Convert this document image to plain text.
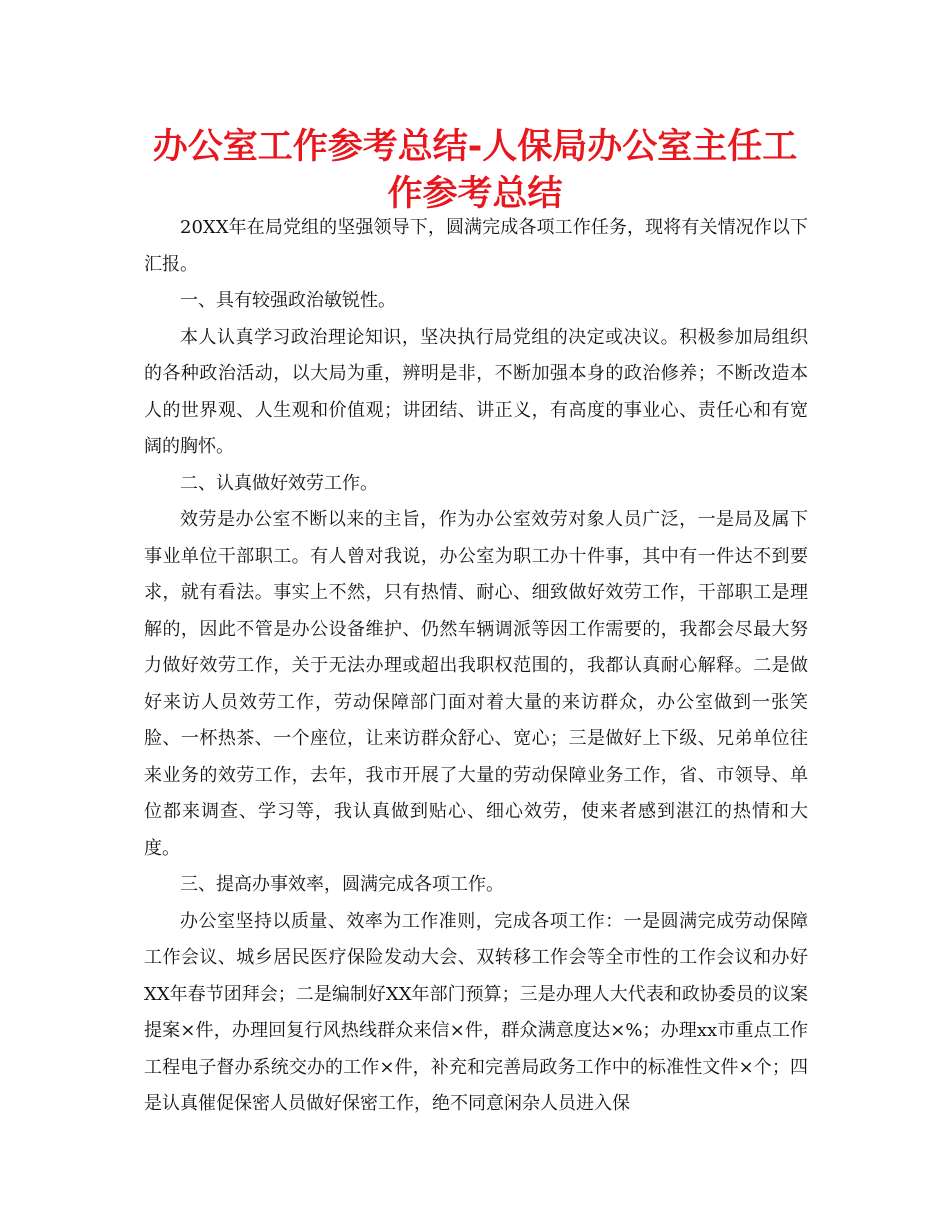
办公室工作参考总结-人保局办公室主任工作参考总结

20XX年在局党组的坚强领导下，圆满完成各项工作任务，现将有关情况作以下汇报。

一、具有较强政治敏锐性。

本人认真学习政治理论知识，坚决执行局党组的决定或决议。积极参加局组织的各种政治活动，以大局为重，辨明是非，不断加强本身的政治修养；不断改造本人的世界观、人生观和价值观；讲团结、讲正义，有高度的事业心、责任心和有宽阔的胸怀。

二、认真做好效劳工作。

效劳是办公室不断以来的主旨，作为办公室效劳对象人员广泛，一是局及属下事业单位干部职工。有人曾对我说，办公室为职工办十件事，其中有一件达不到要求，就有看法。事实上不然，只有热情、耐心、细致做好效劳工作，干部职工是理解的，因此不管是办公设备维护、仍然车辆调派等因工作需要的，我都会尽最大努力做好效劳工作，关于无法办理或超出我职权范围的，我都认真耐心解释。二是做好来访人员效劳工作，劳动保障部门面对着大量的来访群众，办公室做到一张笑脸、一杯热茶、一个座位，让来访群众舒心、宽心；三是做好上下级、兄弟单位往来业务的效劳工作，去年，我市开展了大量的劳动保障业务工作，省、市领导、单位都来调查、学习等，我认真做到贴心、细心效劳，使来者感到湛江的热情和大度。

三、提高办事效率，圆满完成各项工作。

办公室坚持以质量、效率为工作准则，完成各项工作：一是圆满完成劳动保障工作会议、城乡居民医疗保险发动大会、双转移工作会等全市性的工作会议和办好XX年春节团拜会；二是编制好XX年部门预算；三是办理人大代表和政协委员的议案提案×件，办理回复行风热线群众来信×件，群众满意度达×%；办理xx市重点工作工程电子督办系统交办的工作×件，补充和完善局政务工作中的标准性文件×个；四是认真催促保密人员做好保密工作，绝不同意闲杂人员进入保
